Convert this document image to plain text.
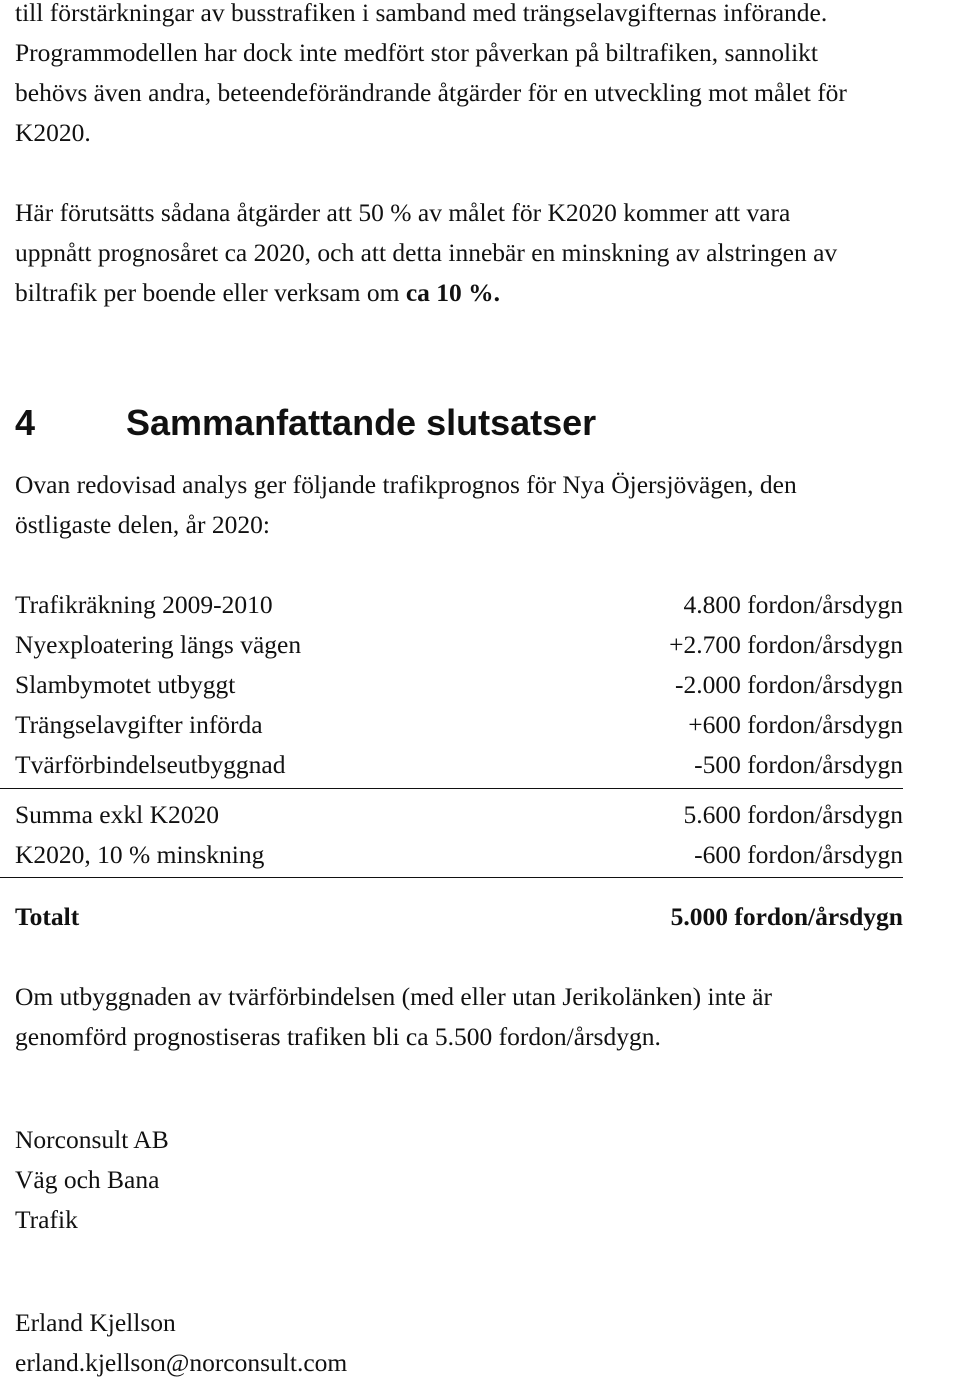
till förstärkningar av busstrafiken i samband med trängselavgifternas införande.
Programmodellen har dock inte medfört stor påverkan på biltrafiken, sannolikt
behövs även andra, beteendeförändrande åtgärder för en utveckling mot målet för
K2020.

Här förutsätts sådana åtgärder att 50 % av målet för K2020 kommer att vara
uppnått prognosåret ca 2020, och att detta innebär en minskning av alstringen av
biltrafik per boende eller verksam om ca 10 %.

4	Sammanfattande slutsatser

Ovan redovisad analys ger följande trafikprognos för Nya Öjersjövägen, den
östligaste delen, år 2020:

Trafikräkning 2009-2010	4.800 fordon/årsdygn
Nyexploatering längs vägen	+2.700 fordon/årsdygn
Slambymotet utbyggt	-2.000 fordon/årsdygn
Trängselavgifter införda	+600 fordon/årsdygn
Tvärförbindelseutbyggnad	-500 fordon/årsdygn
Summa exkl K2020	5.600 fordon/årsdygn
K2020, 10 % minskning	-600 fordon/årsdygn
Totalt	5.000 fordon/årsdygn

Om utbyggnaden av tvärförbindelsen (med eller utan Jerikolänken) inte är
genomförd prognostiseras trafiken bli ca 5.500 fordon/årsdygn.

Norconsult AB
Väg och Bana
Trafik

Erland Kjellson
erland.kjellson@norconsult.com
